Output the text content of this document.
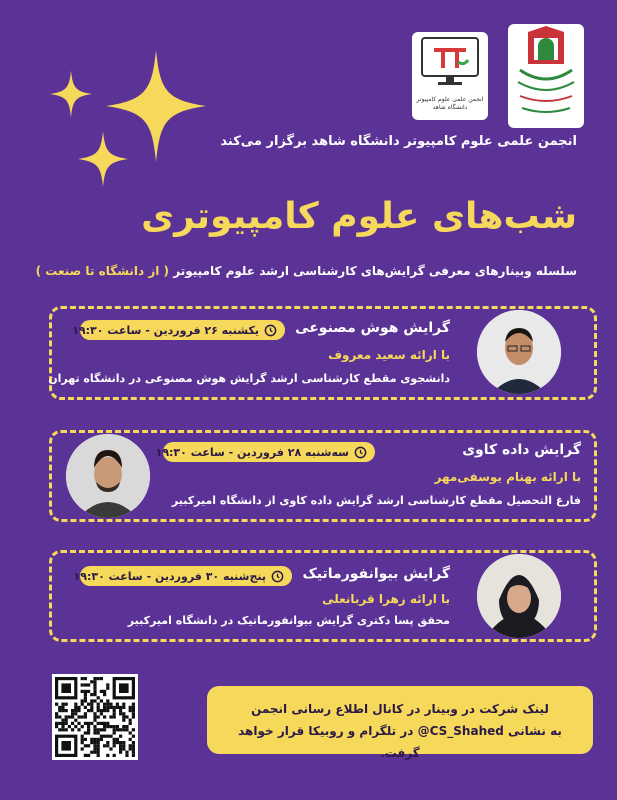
انجمن علمی علوم کامپیوتر دانشگاه شاهد
انجمن علمی علوم کامپیوتر دانشگاه شاهد برگزار می‌کند
شب‌های علوم کامپیوتری
سلسله وبینارهای معرفی گرایش‌های کارشناسی ارشد علوم کامپیوتر ( از دانشگاه تا صنعت )
گرایش هوش مصنوعی
یکشنبه ۲۶ فروردین - ساعت ۱۹:۳۰
با ارائه سعید معروف
دانشجوی مقطع کارشناسی ارشد گرایش هوش مصنوعی در دانشگاه تهران
گرایش داده کاوی
سه‌شنبه ۲۸ فروردین - ساعت ۱۹:۳۰
با ارائه بهنام یوسفی‌مهر
فارغ التحصیل مقطع کارشناسی ارشد گرایش داده کاوی از دانشگاه امیرکبیر
گرایش بیوانفورماتیک
پنج‌شنبه ۳۰ فروردین - ساعت ۱۹:۳۰
با ارائه زهرا قربانعلی
محقق پسا دکتری گرایش بیوانفورماتیک در دانشگاه امیرکبیر
لینک شرکت در وبینار در کانال اطلاع رسانی انجمن
به نشانی CS_Shahed@ در تلگرام و روبیکا قرار خواهد گرفت.
